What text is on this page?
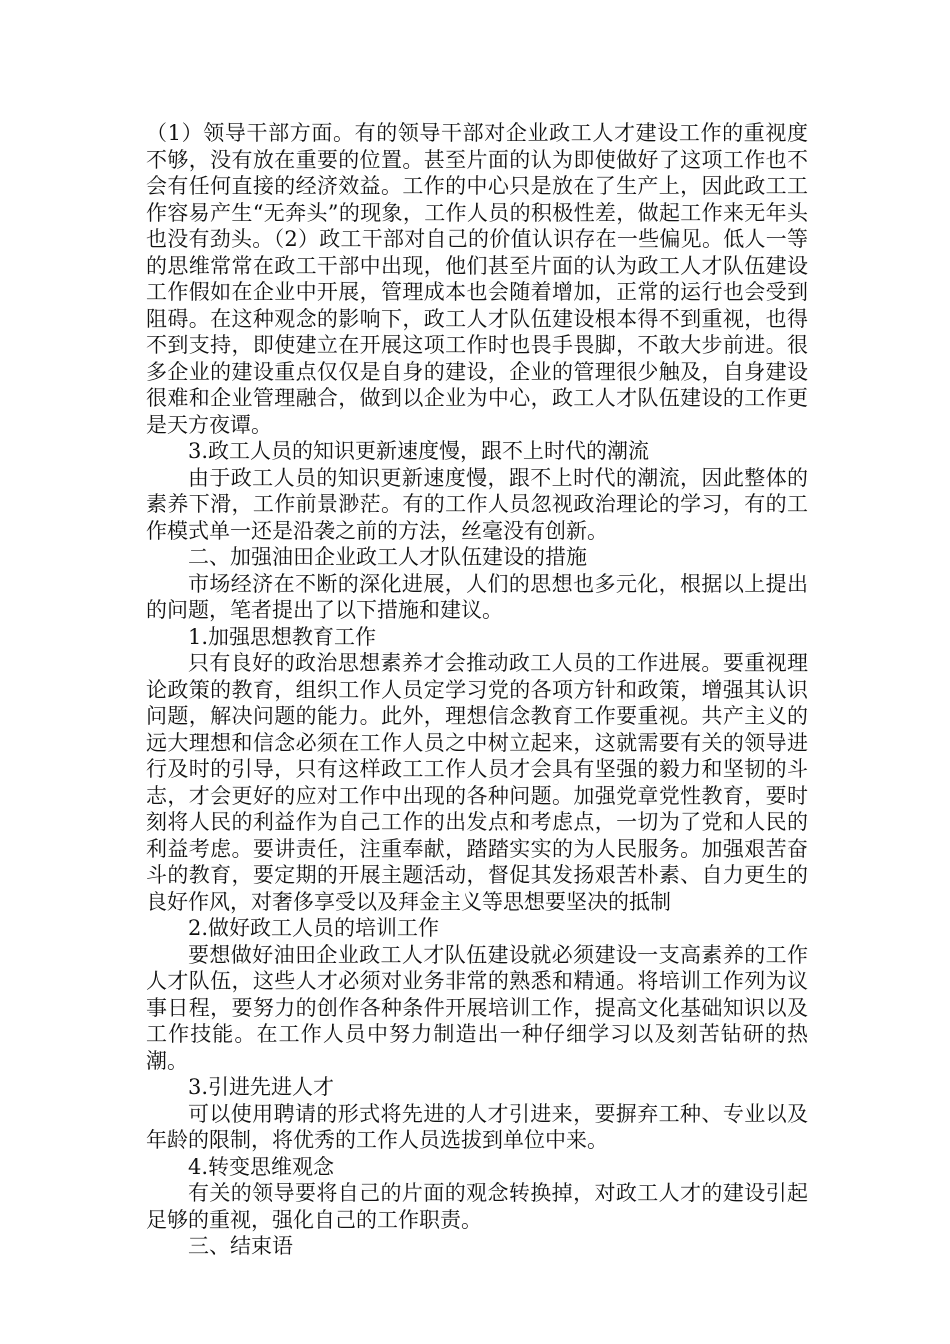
（1）领导干部方面。有的领导干部对企业政工人才建设工作的重视度不够，没有放在重要的位置。甚至片面的认为即使做好了这项工作也不会有任何直接的经济效益。工作的中心只是放在了生产上，因此政工工作容易产生“无奔头”的现象，工作人员的积极性差，做起工作来无年头也没有劲头。（2）政工干部对自己的价值认识存在一些偏见。低人一等的思维常常在政工干部中出现，他们甚至片面的认为政工人才队伍建设工作假如在企业中开展，管理成本也会随着增加，正常的运行也会受到阻碍。在这种观念的影响下，政工人才队伍建设根本得不到重视，也得不到支持，即使建立在开展这项工作时也畏手畏脚，不敢大步前进。很多企业的建设重点仅仅是自身的建设，企业的管理很少触及，自身建设很难和企业管理融合，做到以企业为中心，政工人才队伍建设的工作更是天方夜谭。

3.政工人员的知识更新速度慢，跟不上时代的潮流

由于政工人员的知识更新速度慢，跟不上时代的潮流，因此整体的素养下滑，工作前景渺茫。有的工作人员忽视政治理论的学习，有的工作模式单一还是沿袭之前的方法，丝毫没有创新。

二、加强油田企业政工人才队伍建设的措施

市场经济在不断的深化进展，人们的思想也多元化，根据以上提出的问题，笔者提出了以下措施和建议。

1.加强思想教育工作

只有良好的政治思想素养才会推动政工人员的工作进展。要重视理论政策的教育，组织工作人员定学习党的各项方针和政策，增强其认识问题，解决问题的能力。此外，理想信念教育工作要重视。共产主义的远大理想和信念必须在工作人员之中树立起来，这就需要有关的领导进行及时的引导，只有这样政工工作人员才会具有坚强的毅力和坚韧的斗志，才会更好的应对工作中出现的各种问题。加强党章党性教育，要时刻将人民的利益作为自己工作的出发点和考虑点，一切为了党和人民的利益考虑。要讲责任，注重奉献，踏踏实实的为人民服务。加强艰苦奋斗的教育，要定期的开展主题活动，督促其发扬艰苦朴素、自力更生的良好作风，对奢侈享受以及拜金主义等思想要坚决的抵制

2.做好政工人员的培训工作

要想做好油田企业政工人才队伍建设就必须建设一支高素养的工作人才队伍，这些人才必须对业务非常的熟悉和精通。将培训工作列为议事日程，要努力的创作各种条件开展培训工作，提高文化基础知识以及工作技能。在工作人员中努力制造出一种仔细学习以及刻苦钻研的热潮。

3.引进先进人才

可以使用聘请的形式将先进的人才引进来，要摒弃工种、专业以及年龄的限制，将优秀的工作人员选拔到单位中来。

4.转变思维观念

有关的领导要将自己的片面的观念转换掉，对政工人才的建设引起足够的重视，强化自己的工作职责。

三、结束语
